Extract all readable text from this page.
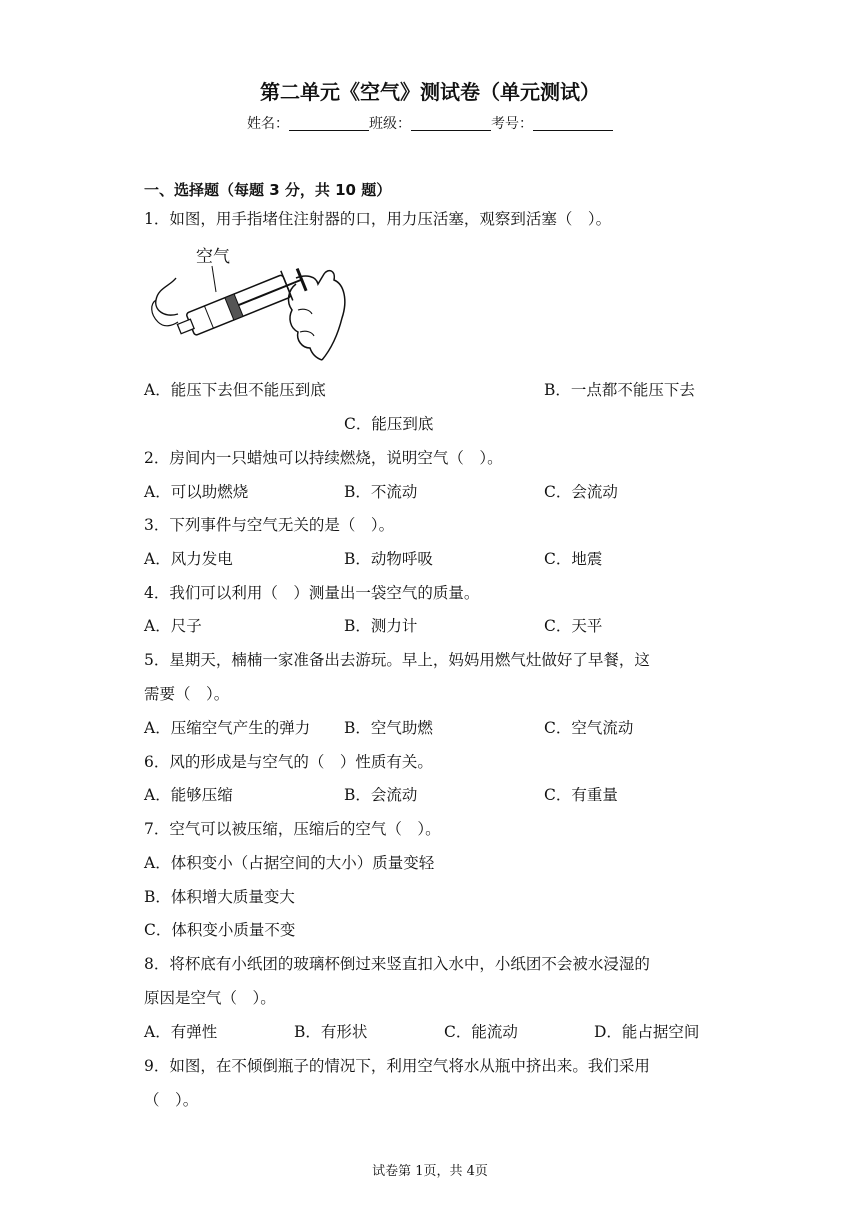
第二单元《空气》测试卷（单元测试）
姓名：	班级：	考号：
一、选择题（每题 3 分，共 10 题）
1．如图，用手指堵住注射器的口，用力压活塞，观察到活塞（　）。
空气
A．能压下去但不能压到底	B．一点都不能压下去
C．能压到底
2．房间内一只蜡烛可以持续燃烧，说明空气（　）。
A．可以助燃烧	B．不流动	C．会流动
3．下列事件与空气无关的是（　）。
A．风力发电	B．动物呼吸	C．地震
4．我们可以利用（　）测量出一袋空气的质量。
A．尺子	B．测力计	C．天平
5．星期天，楠楠一家准备出去游玩。早上，妈妈用燃气灶做好了早餐，这
需要（　）。
A．压缩空气产生的弹力 B．空气助燃	C．空气流动
6．风的形成是与空气的（　）性质有关。
A．能够压缩	B．会流动	C．有重量
7．空气可以被压缩，压缩后的空气（　）。
A．体积变小（占据空间的大小）质量变轻
B．体积增大质量变大
C．体积变小质量不变
8．将杯底有小纸团的玻璃杯倒过来竖直扣入水中，小纸团不会被水浸湿的
原因是空气（　）。
A．有弹性	B．有形状	C．能流动	D．能占据空间
9．如图，在不倾倒瓶子的情况下，利用空气将水从瓶中挤出来。我们采用
（　）。
试卷第 1页，共 4页
